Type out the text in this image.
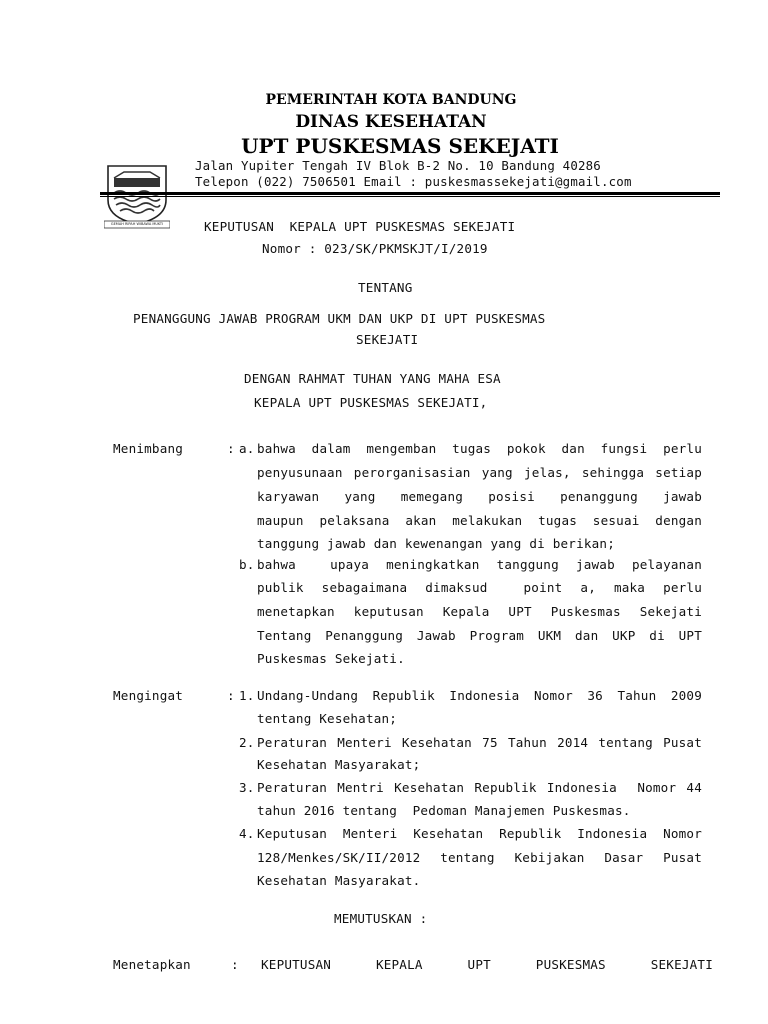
PEMERINTAH KOTA BANDUNG
DINAS KESEHATAN
UPT PUSKESMAS SEKEJATI
GEMAH RIPAH WIBAWA MUKTI
Jalan Yupiter Tengah IV Blok B-2 No. 10 Bandung 40286
Telepon (022) 7506501 Email : puskesmassekejati@gmail.com
KEPUTUSAN  KEPALA UPT PUSKESMAS SEKEJATI
Nomor : 023/SK/PKMSKJT/I/2019
TENTANG
PENANGGUNG JAWAB PROGRAM UKM DAN UKP DI UPT PUSKESMAS
SEKEJATI
DENGAN RAHMAT TUHAN YANG MAHA ESA
KEPALA UPT PUSKESMAS SEKEJATI,
Menimbang	: a. bahwa dalam mengemban tugas pokok dan fungsi perlu
penyusunaan perorganisasian yang jelas, sehingga setiap
karyawan yang memegang posisi penanggung jawab
maupun pelaksana akan melakukan tugas sesuai dengan
tanggung jawab dan kewenangan yang di berikan;
b. bahwa  upaya meningkatkan tanggung jawab pelayanan
publik sebagaimana dimaksud  point a, maka perlu
menetapkan keputusan Kepala UPT Puskesmas Sekejati
Tentang Penanggung Jawab Program UKM dan UKP di UPT
Puskesmas Sekejati.
Mengingat	: 1. Undang-Undang Republik Indonesia Nomor 36 Tahun 2009
tentang Kesehatan;
2. Peraturan Menteri Kesehatan 75 Tahun 2014 tentang Pusat
Kesehatan Masyarakat;
3. Peraturan Mentri Kesehatan Republik Indonesia  Nomor 44
tahun 2016 tentang  Pedoman Manajemen Puskesmas.
4. Keputusan Menteri Kesehatan Republik Indonesia Nomor
128/Menkes/SK/II/2012 tentang Kebijakan Dasar Pusat
Kesehatan Masyarakat.
MEMUTUSKAN :
Menetapkan	: KEPUTUSAN KEPALA UPT PUSKESMAS SEKEJATI
